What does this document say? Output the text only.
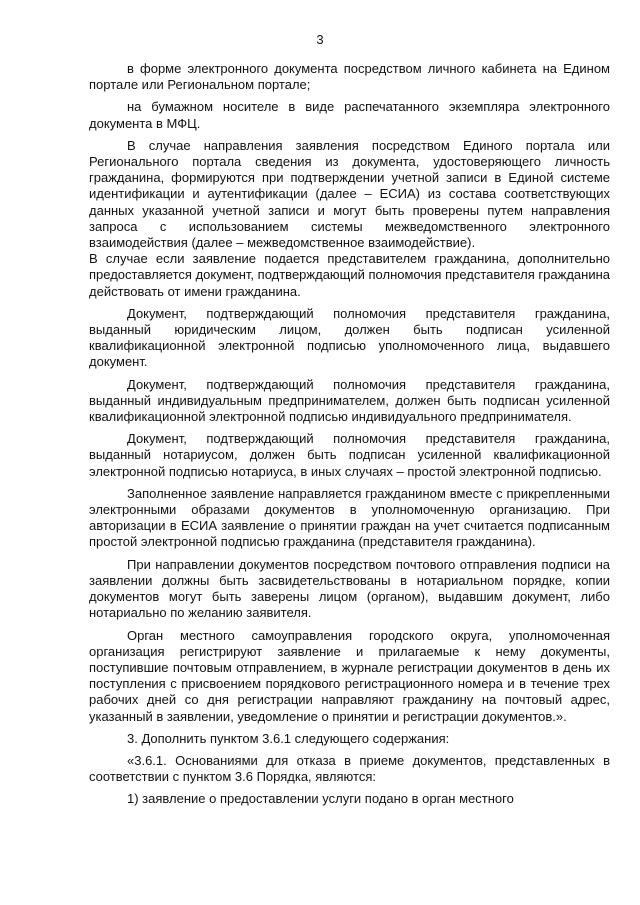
3

в форме электронного документа посредством личного кабинета на Едином портале или Региональном портале;

на бумажном носителе в виде распечатанного экземпляра электронного документа в МФЦ.

В случае направления заявления посредством Единого портала или Регионального портала сведения из документа, удостоверяющего личность гражданина, формируются при подтверждении учетной записи в Единой системе идентификации и аутентификации (далее – ЕСИА) из состава соответствующих данных указанной учетной записи и могут быть проверены путем направления запроса с использованием системы межведомственного электронного взаимодействия (далее – межведомственное взаимодействие).

В случае если заявление подается представителем гражданина, дополнительно предоставляется документ, подтверждающий полномочия представителя гражданина действовать от имени гражданина.

Документ, подтверждающий полномочия представителя гражданина, выданный юридическим лицом, должен быть подписан усиленной квалификационной электронной подписью уполномоченного лица, выдавшего документ.

Документ, подтверждающий полномочия представителя гражданина, выданный индивидуальным предпринимателем, должен быть подписан усиленной квалификационной электронной подписью индивидуального предпринимателя.

Документ, подтверждающий полномочия представителя гражданина, выданный нотариусом, должен быть подписан усиленной квалификационной электронной подписью нотариуса, в иных случаях – простой электронной подписью.

Заполненное заявление направляется гражданином вместе с прикрепленными электронными образами документов в уполномоченную организацию. При авторизации в ЕСИА заявление о принятии граждан на учет считается подписанным простой электронной подписью гражданина (представителя гражданина).

При направлении документов посредством почтового отправления подписи на заявлении должны быть засвидетельствованы в нотариальном порядке, копии документов могут быть заверены лицом (органом), выдавшим документ, либо нотариально по желанию заявителя.

Орган местного самоуправления городского округа, уполномоченная организация регистрируют заявление и прилагаемые к нему документы, поступившие почтовым отправлением, в журнале регистрации документов в день их поступления с присвоением порядкового регистрационного номера и в течение трех рабочих дней со дня регистрации направляют гражданину на почтовый адрес, указанный в заявлении, уведомление о принятии и регистрации документов.».

3. Дополнить пунктом 3.6.1 следующего содержания:

«3.6.1. Основаниями для отказа в приеме документов, представленных в соответствии с пунктом 3.6 Порядка, являются:

1) заявление о предоставлении услуги подано в орган местного
